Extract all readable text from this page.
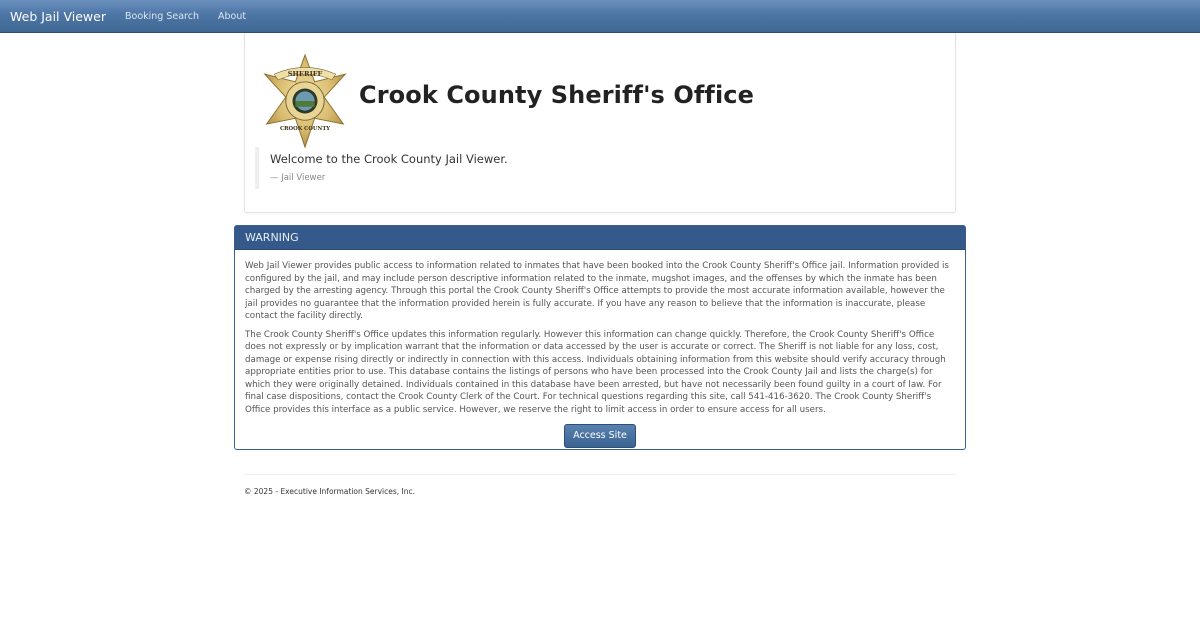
Web Jail Viewer Booking Search About
SHERIFF
CROOK COUNTY
Crook County Sheriff's Office
Welcome to the Crook County Jail Viewer.
— Jail Viewer
WARNING

Web Jail Viewer provides public access to information related to inmates that have been booked into the Crook County Sheriff's Office jail. Information provided is configured by the jail, and may include person descriptive information related to the inmate, mugshot images, and the offenses by which the inmate has been charged by the arresting agency. Through this portal the Crook County Sheriff's Office attempts to provide the most accurate information available, however the jail provides no guarantee that the information provided herein is fully accurate. If you have any reason to believe that the information is inaccurate, please contact the facility directly.

The Crook County Sheriff's Office updates this information regularly. However this information can change quickly. Therefore, the Crook County Sheriff's Office does not expressly or by implication warrant that the information or data accessed by the user is accurate or correct. The Sheriff is not liable for any loss, cost, damage or expense rising directly or indirectly in connection with this access. Individuals obtaining information from this website should verify accuracy through appropriate entities prior to use. This database contains the listings of persons who have been processed into the Crook County Jail and lists the charge(s) for which they were originally detained. Individuals contained in this database have been arrested, but have not necessarily been found guilty in a court of law. For final case dispositions, contact the Crook County Clerk of the Court. For technical questions regarding this site, call 541-416-3620. The Crook County Sheriff's Office provides this interface as a public service. However, we reserve the right to limit access in order to ensure access for all users.

Access Site
© 2025 - Executive Information Services, Inc.
